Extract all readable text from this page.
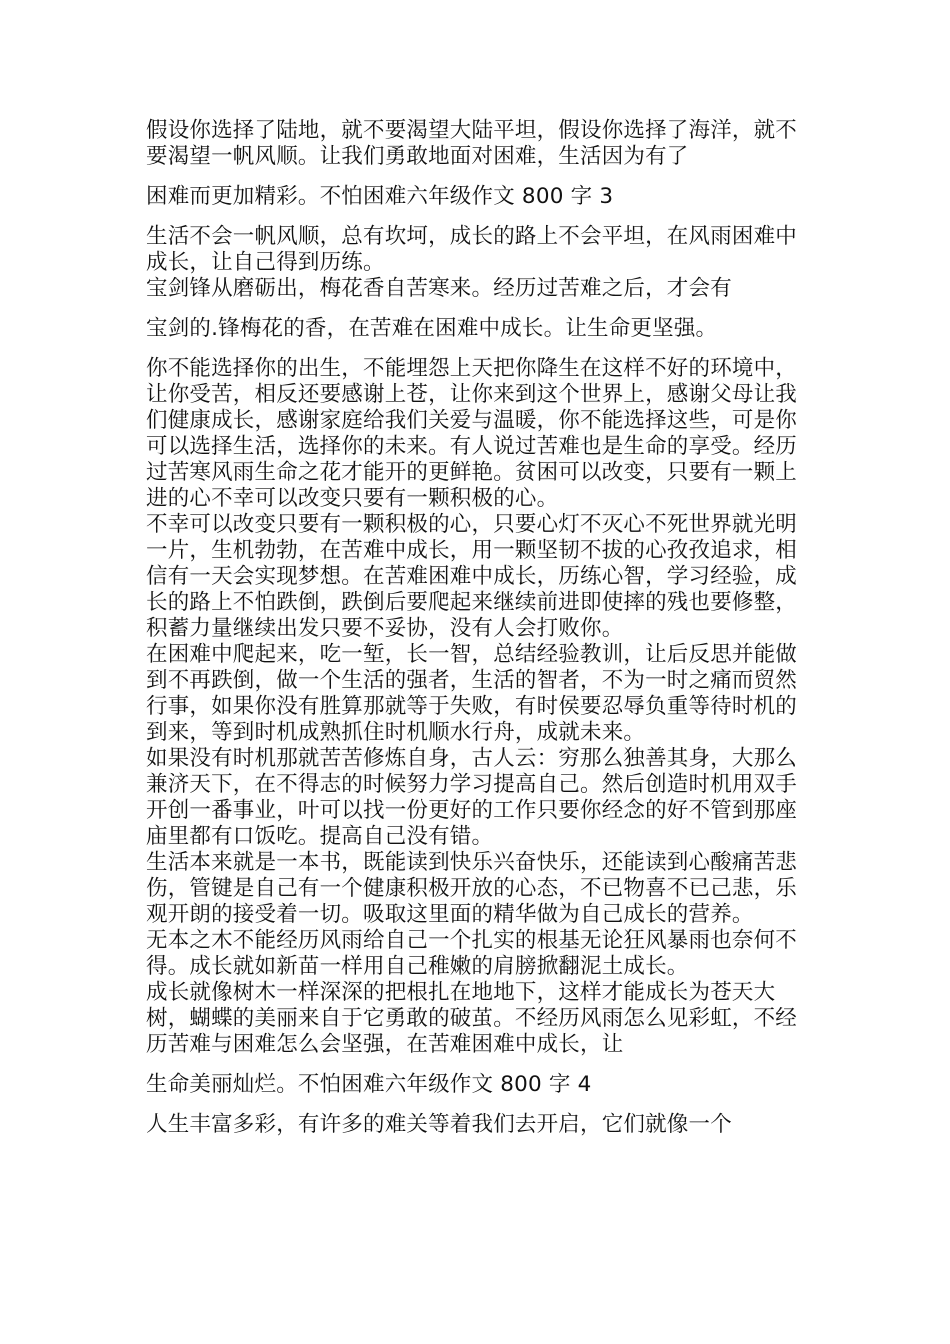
假设你选择了陆地，就不要渴望大陆平坦，假设你选择了海洋，就不要渴望一帆风顺。让我们勇敢地面对困难，生活因为有了

困难而更加精彩。不怕困难六年级作文 800 字 3

生活不会一帆风顺，总有坎坷，成长的路上不会平坦，在风雨困难中成长，让自己得到历练。

宝剑锋从磨砺出，梅花香自苦寒来。经历过苦难之后，才会有

宝剑的.锋梅花的香，在苦难在困难中成长。让生命更坚强。

你不能选择你的出生，不能埋怨上天把你降生在这样不好的环境中，让你受苦，相反还要感谢上苍，让你来到这个世界上，感谢父母让我们健康成长，感谢家庭给我们关爱与温暖，你不能选择这些，可是你可以选择生活，选择你的未来。有人说过苦难也是生命的享受。经历过苦寒风雨生命之花才能开的更鲜艳。贫困可以改变，只要有一颗上进的心不幸可以改变只要有一颗积极的心。

不幸可以改变只要有一颗积极的心，只要心灯不灭心不死世界就光明一片，生机勃勃，在苦难中成长，用一颗坚韧不拔的心孜孜追求，相信有一天会实现梦想。在苦难困难中成长，历练心智，学习经验，成长的路上不怕跌倒，跌倒后要爬起来继续前进即使摔的残也要修整，积蓄力量继续出发只要不妥协，没有人会打败你。

在困难中爬起来，吃一堑，长一智，总结经验教训，让后反思并能做到不再跌倒，做一个生活的强者，生活的智者，不为一时之痛而贸然行事，如果你没有胜算那就等于失败，有时侯要忍辱负重等待时机的到来，等到时机成熟抓住时机顺水行舟，成就未来。

如果没有时机那就苦苦修炼自身，古人云：穷那么独善其身，大那么兼济天下，在不得志的时候努力学习提高自己。然后创造时机用双手开创一番事业，叶可以找一份更好的工作只要你经念的好不管到那座庙里都有口饭吃。提高自己没有错。

生活本来就是一本书，既能读到快乐兴奋快乐，还能读到心酸痛苦悲伤，管键是自己有一个健康积极开放的心态，不已物喜不已己悲，乐观开朗的接受着一切。吸取这里面的精华做为自己成长的营养。

无本之木不能经历风雨给自己一个扎实的根基无论狂风暴雨也奈何不得。成长就如新苗一样用自己稚嫩的肩膀掀翻泥土成长。

成长就像树木一样深深的把根扎在地地下，这样才能成长为苍天大树，蝴蝶的美丽来自于它勇敢的破茧。不经历风雨怎么见彩虹，不经历苦难与困难怎么会坚强，在苦难困难中成长，让

生命美丽灿烂。不怕困难六年级作文 800 字 4

人生丰富多彩，有许多的难关等着我们去开启，它们就像一个
